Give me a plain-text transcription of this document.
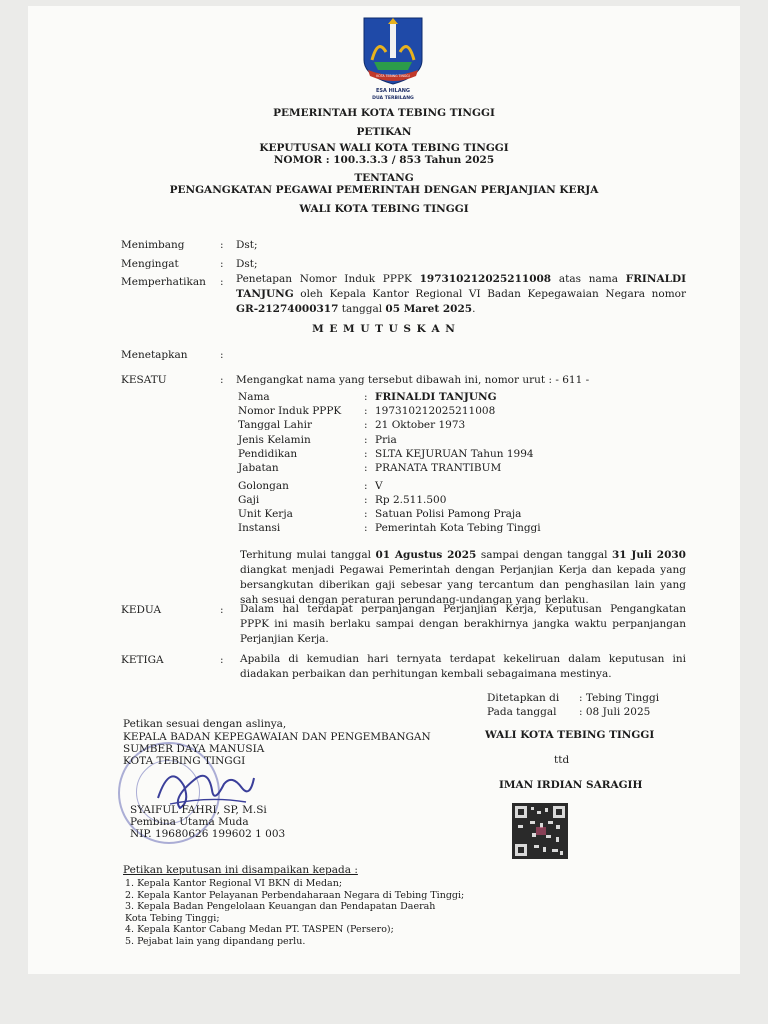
KOTA TEBING TINGGI
ESA HILANG
DUA TERBILANG
PEMERINTAH KOTA TEBING TINGGI
PETIKAN
KEPUTUSAN WALI KOTA TEBING TINGGI
NOMOR : 100.3.3.3 / 853 Tahun 2025
TENTANG
PENGANGKATAN PEGAWAI PEMERINTAH DENGAN PERJANJIAN KERJA
WALI KOTA TEBING TINGGI
Menimbang	: Dst;
Mengingat	: Dst;
Memperhatikan : Penetapan Nomor Induk PPPK 197310212025211008 atas nama FRINALDI
TANJUNG oleh Kepala Kantor Regional VI Badan Kepegawaian Negara nomor
GR-21274000317 tanggal 05 Maret 2025.
M E M U T U S K A N
Menetapkan	:
KESATU	: Mengangkat nama yang tersebut dibawah ini, nomor urut : - 611 -
Nama	: FRINALDI TANJUNG
Nomor Induk PPPK : 197310212025211008
Tanggal Lahir	: 21 Oktober 1973
Jenis Kelamin	: Pria
Pendidikan	: SLTA KEJURUAN Tahun 1994
Jabatan	: PRANATA TRANTIBUM
Golongan	: V
Gaji	: Rp 2.511.500
Unit Kerja	: Satuan Polisi Pamong Praja
Instansi	: Pemerintah Kota Tebing Tinggi
Terhitung mulai tanggal 01 Agustus 2025 sampai dengan tanggal 31 Juli 2030
diangkat menjadi Pegawai Pemerintah dengan Perjanjian Kerja dan kepada yang
bersangkutan diberikan gaji sebesar yang tercantum dan penghasilan lain yang
sah sesuai dengan peraturan perundang-undangan yang berlaku.
KEDUA	: Dalam hal terdapat perpanjangan Perjanjian Kerja, Keputusan Pengangkatan
PPPK ini masih berlaku sampai dengan berakhirnya jangka waktu perpanjangan
Perjanjian Kerja.
KETIGA	: Apabila di kemudian hari ternyata terdapat kekeliruan dalam keputusan ini
diadakan perbaikan dan perhitungan kembali sebagaimana mestinya.
Ditetapkan di : Tebing Tinggi
Pada tanggal : 08 Juli 2025
WALI KOTA TEBING TINGGI
ttd
IMAN IRDIAN SARAGIH
Petikan sesuai dengan aslinya,
KEPALA BADAN KEPEGAWAIAN DAN PENGEMBANGAN
SUMBER DAYA MANUSIA
KOTA TEBING TINGGI
SYAIFUL FAHRI, SP, M.Si
Pembina Utama Muda
NIP. 19680626 199602 1 003
Petikan keputusan ini disampaikan kepada :
1. Kepala Kantor Regional VI BKN di Medan;
2. Kepala Kantor Pelayanan Perbendaharaan Negara di Tebing Tinggi;
3. Kepala Badan Pengelolaan Keuangan dan Pendapatan Daerah
Kota Tebing Tinggi;
4. Kepala Kantor Cabang Medan PT. TASPEN (Persero);
5. Pejabat lain yang dipandang perlu.
